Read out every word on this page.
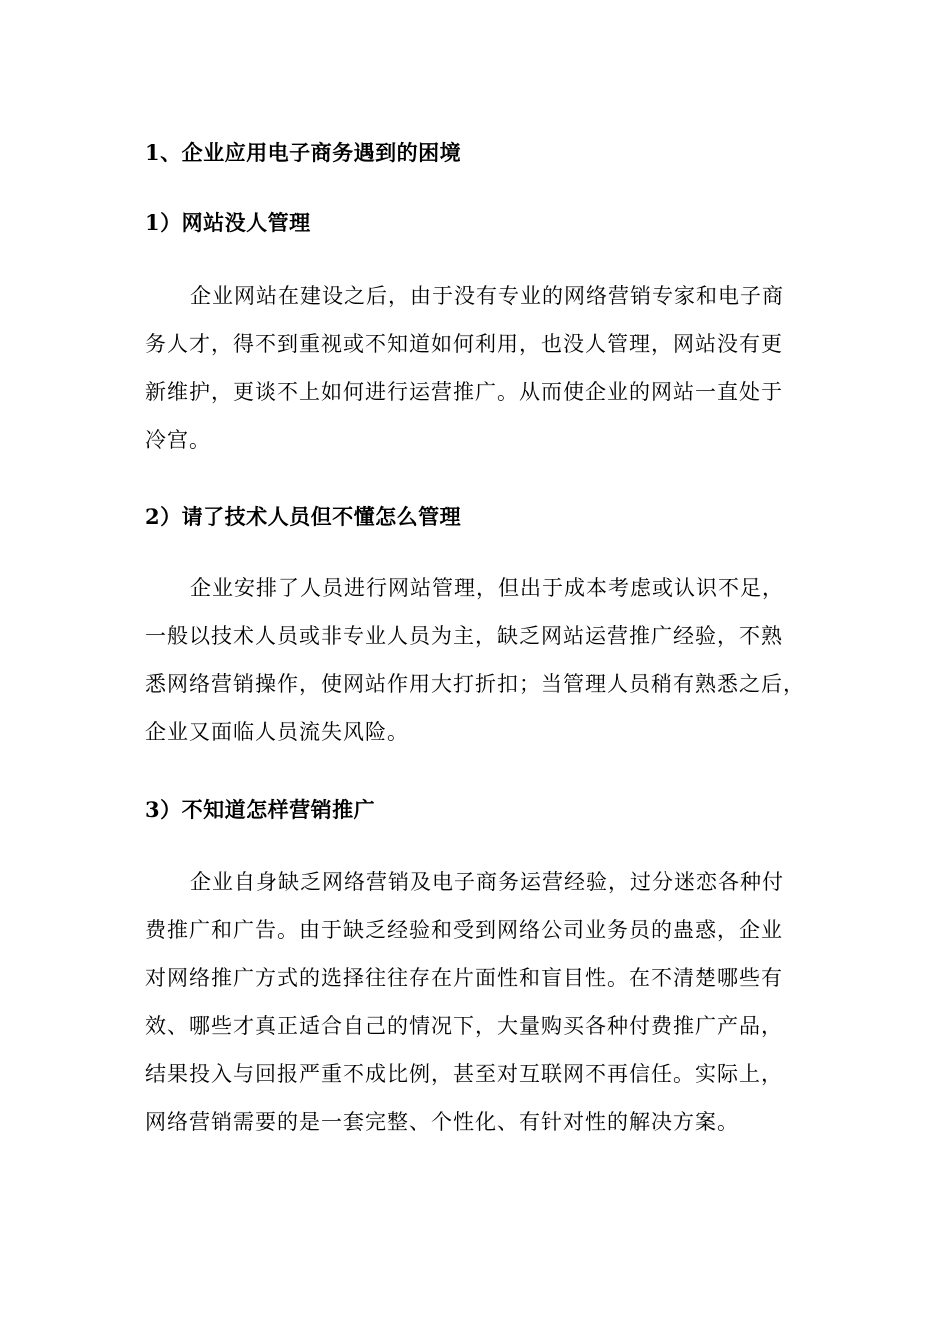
1、企业应用电子商务遇到的困境
1）网站没人管理
企业网站在建设之后，由于没有专业的网络营销专家和电子商
务人才，得不到重视或不知道如何利用，也没人管理，网站没有更
新维护，更谈不上如何进行运营推广。从而使企业的网站一直处于
冷宫。
2）请了技术人员但不懂怎么管理
企业安排了人员进行网站管理，但出于成本考虑或认识不足，
一般以技术人员或非专业人员为主，缺乏网站运营推广经验，不熟
悉网络营销操作，使网站作用大打折扣；当管理人员稍有熟悉之后，
企业又面临人员流失风险。
3）不知道怎样营销推广
企业自身缺乏网络营销及电子商务运营经验，过分迷恋各种付
费推广和广告。由于缺乏经验和受到网络公司业务员的蛊惑，企业
对网络推广方式的选择往往存在片面性和盲目性。在不清楚哪些有
效、哪些才真正适合自己的情况下，大量购买各种付费推广产品，
结果投入与回报严重不成比例，甚至对互联网不再信任。实际上，
网络营销需要的是一套完整、个性化、有针对性的解决方案。
